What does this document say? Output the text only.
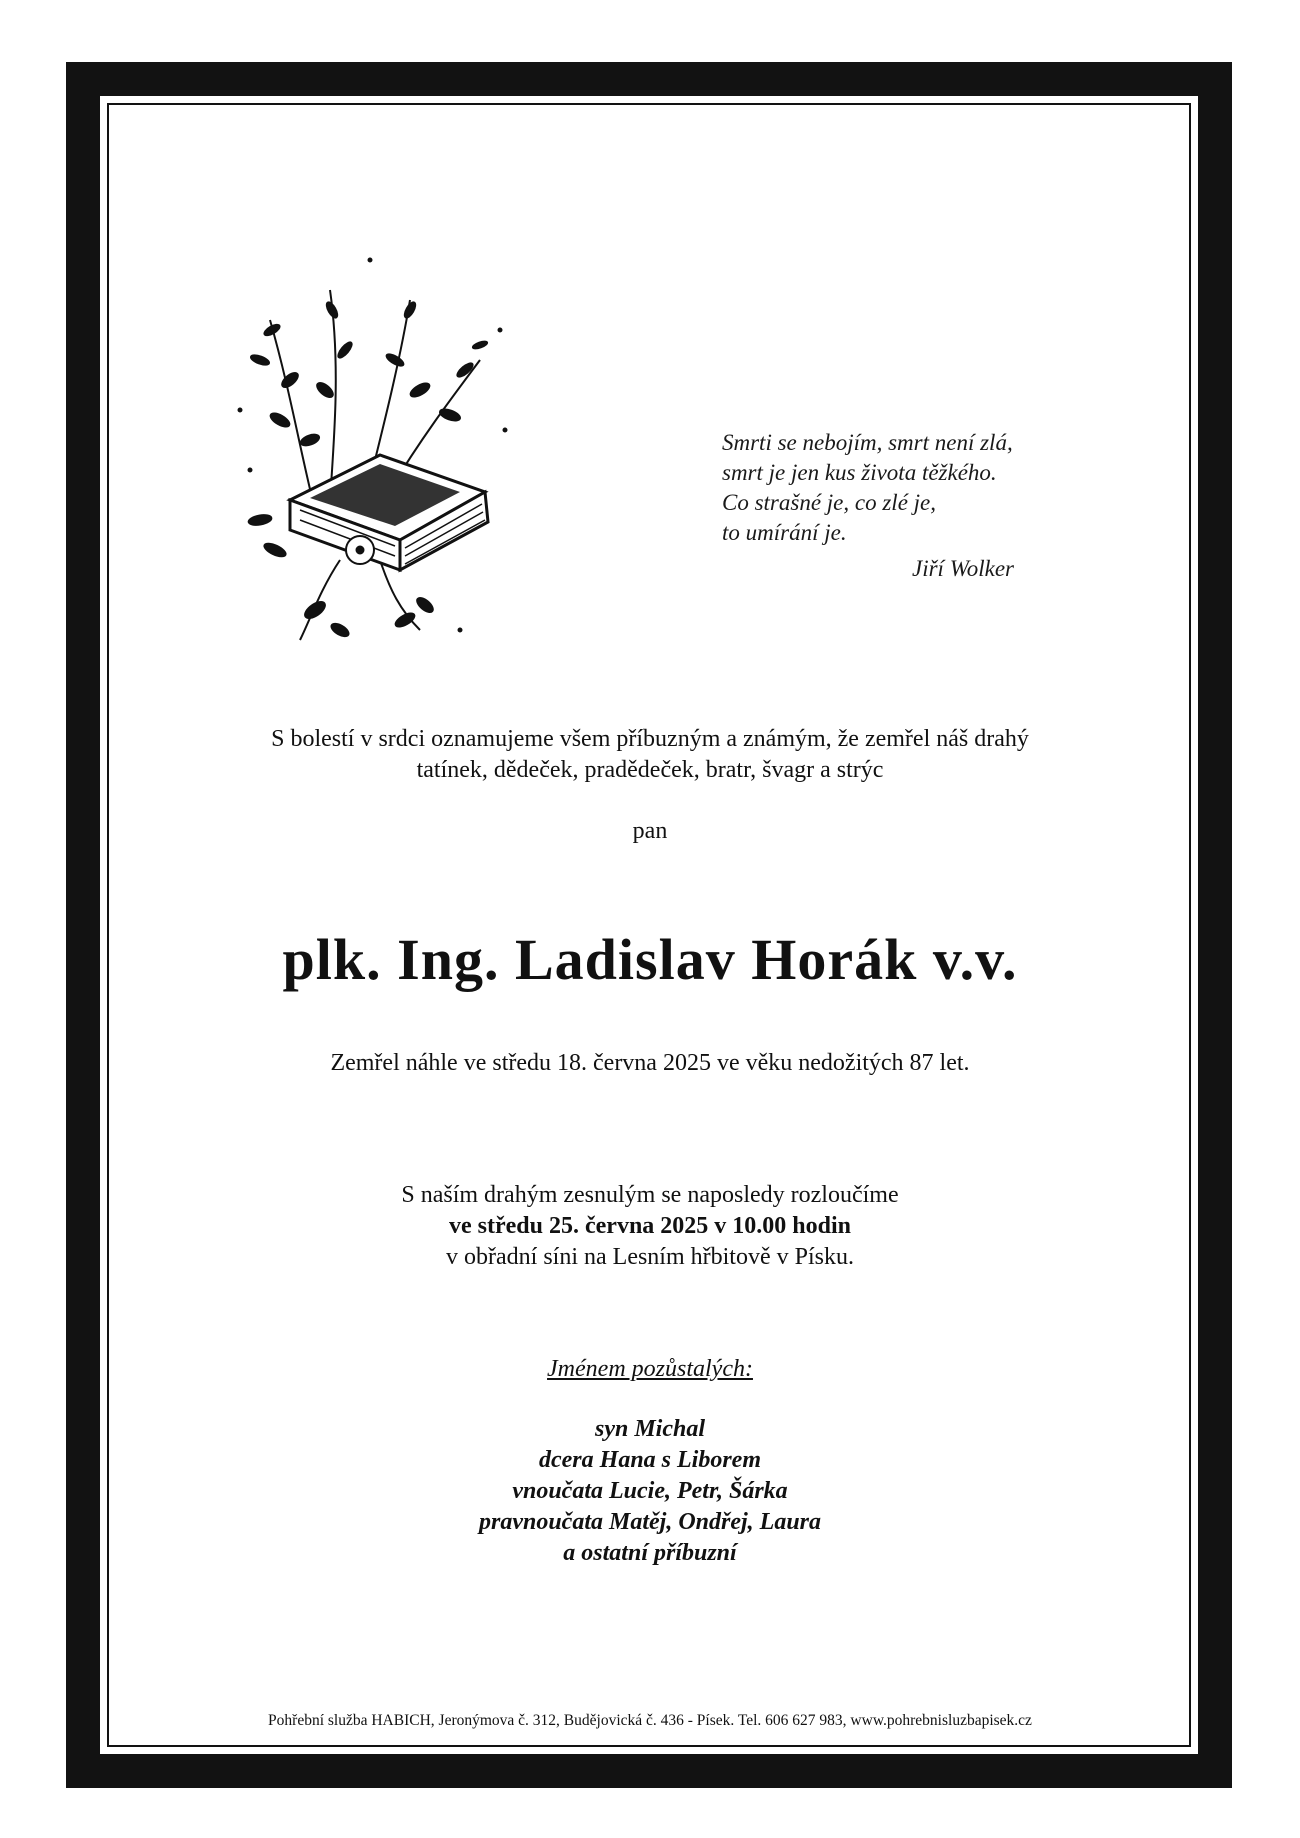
Smrti se nebojím, smrt není zlá,
smrt je jen kus života těžkého.
Co strašné je, co zlé je,
to umírání je.
Jiří Wolker
S bolestí v srdci oznamujeme všem příbuzným a známým, že zemřel náš drahý
tatínek, dědeček, pradědeček, bratr, švagr a strýc
pan
plk. Ing. Ladislav Horák v.v.
Zemřel náhle ve středu 18. června 2025 ve věku nedožitých 87 let.
S naším drahým zesnulým se naposledy rozloučíme
ve středu 25. června 2025 v 10.00 hodin
v obřadní síni na Lesním hřbitově v Písku.
Jménem pozůstalých:
syn Michal
dcera Hana s Liborem
vnoučata Lucie, Petr, Šárka
pravnoučata Matěj, Ondřej, Laura
a ostatní příbuzní
Pohřební služba HABICH, Jeronýmova č. 312, Budějovická č. 436 - Písek. Tel. 606 627 983, www.pohrebnisluzbapisek.cz
